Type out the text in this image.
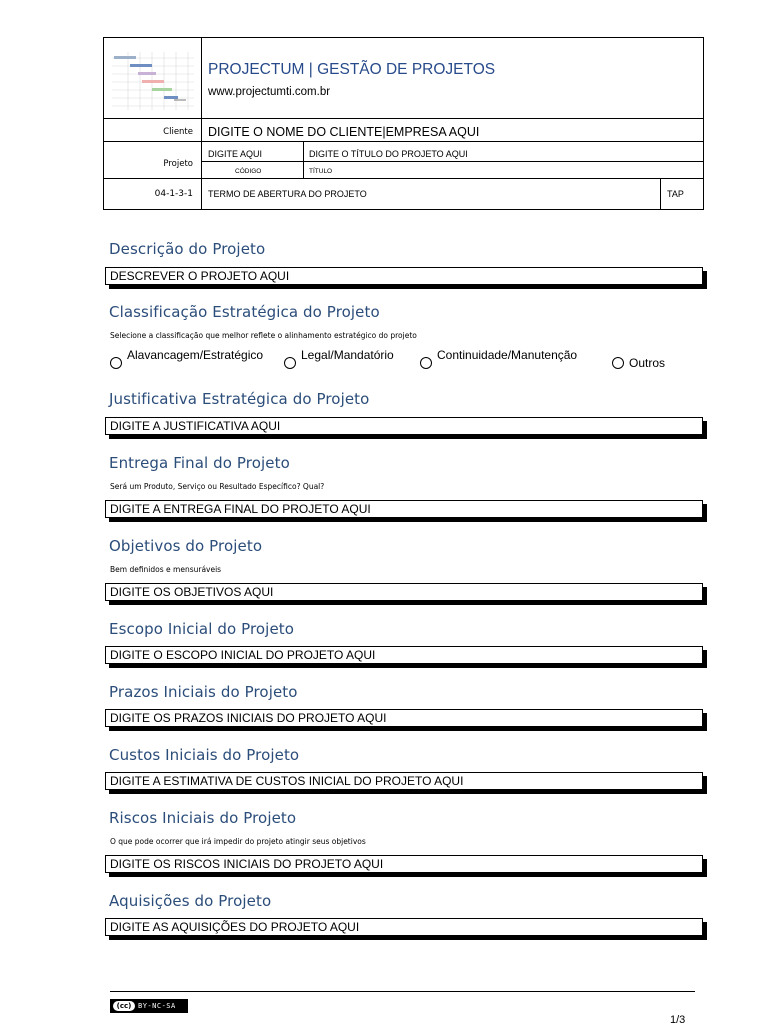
PROJECTUM | GESTÃO DE PROJETOS
www.projectumti.com.br
Cliente DIGITE O NOME DO CLIENTE|EMPRESA AQUI
Projeto
DIGITE AQUI
CÓDIGO
DIGITE O TÍTULO DO PROJETO AQUI
TÍTULO
04-1-3-1 TERMO DE ABERTURA DO PROJETO	TAP
Descrição do Projeto
DESCREVER O PROJETO AQUI
Classificação Estratégica do Projeto
Selecione a classificação que melhor reflete o alinhamento estratégico do projeto
Alavancagem/Estratégico	Legal/Mandatório	Continuidade/Manutenção
Outros
Justificativa Estratégica do Projeto
DIGITE A JUSTIFICATIVA AQUI
Entrega Final do Projeto
Será um Produto, Serviço ou Resultado Específico? Qual?
DIGITE A ENTREGA FINAL DO PROJETO AQUI
Objetivos do Projeto
Bem definidos e mensuráveis
DIGITE OS OBJETIVOS AQUI
Escopo Inicial do Projeto
DIGITE O ESCOPO INICIAL DO PROJETO AQUI
Prazos Iniciais do Projeto
DIGITE OS PRAZOS INICIAIS DO PROJETO AQUI
Custos Iniciais do Projeto
DIGITE A ESTIMATIVA DE CUSTOS INICIAL DO PROJETO AQUI
Riscos Iniciais do Projeto
O que pode ocorrer que irá impedir do projeto atingir seus objetivos
DIGITE OS RISCOS INICIAIS DO PROJETO AQUI
Aquisições do Projeto
DIGITE AS AQUISIÇÕES DO PROJETO AQUI
(cc) BY-NC-SA
1/3
